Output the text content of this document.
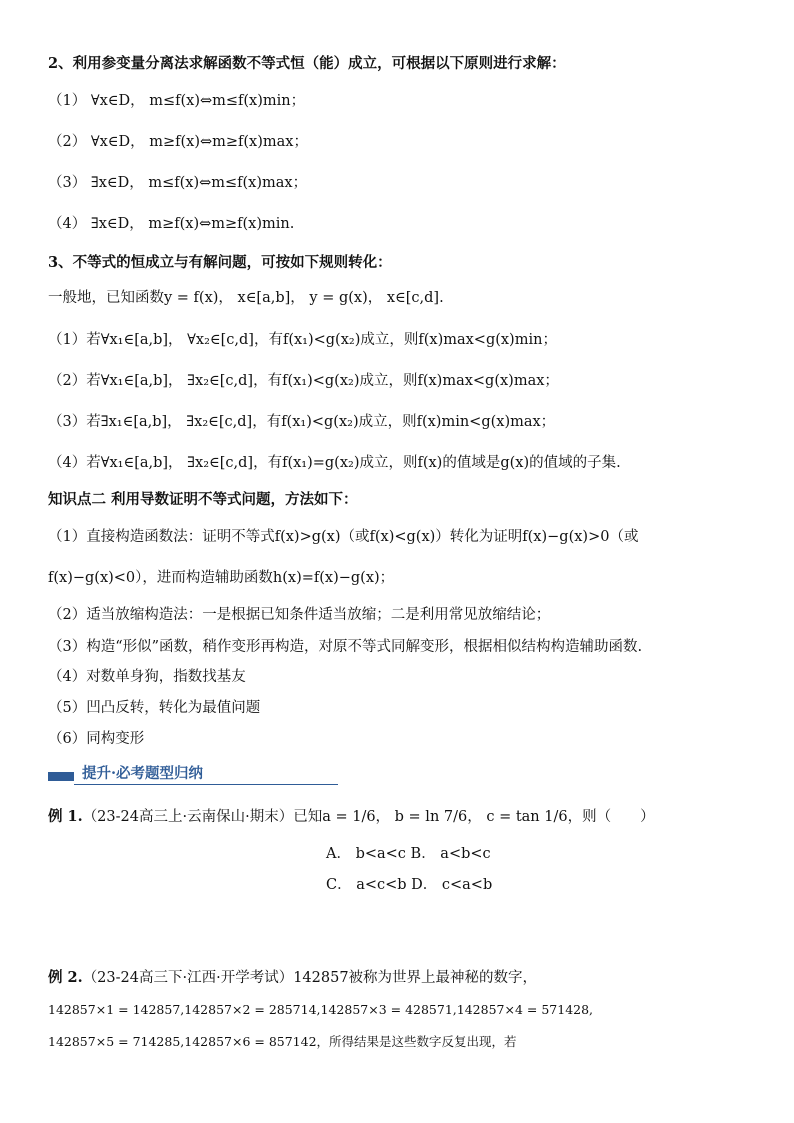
2、利用参变量分离法求解函数不等式恒（能）成立，可根据以下原则进行求解：
（1） ∀x∈D， m≤f(x)⇔m≤f(x)min；
（2） ∀x∈D， m≥f(x)⇔m≥f(x)max；
（3） ∃x∈D， m≤f(x)⇔m≤f(x)max；
（4） ∃x∈D， m≥f(x)⇔m≥f(x)min.
3、不等式的恒成立与有解问题，可按如下规则转化：
一般地，已知函数y = f(x)， x∈[a,b]， y = g(x)， x∈[c,d].
（1）若∀x₁∈[a,b]， ∀x₂∈[c,d]，有f(x₁)<g(x₂)成立，则f(x)max<g(x)min；
（2）若∀x₁∈[a,b]， ∃x₂∈[c,d]，有f(x₁)<g(x₂)成立，则f(x)max<g(x)max；
（3）若∃x₁∈[a,b]， ∃x₂∈[c,d]，有f(x₁)<g(x₂)成立，则f(x)min<g(x)max；
（4）若∀x₁∈[a,b]， ∃x₂∈[c,d]，有f(x₁)=g(x₂)成立，则f(x)的值域是g(x)的值域的子集.
知识点二 利用导数证明不等式问题，方法如下：
（1）直接构造函数法：证明不等式f(x)>g(x)（或f(x)<g(x)）转化为证明f(x)−g(x)>0（或
f(x)−g(x)<0），进而构造辅助函数h(x)=f(x)−g(x)；
（2）适当放缩构造法：一是根据已知条件适当放缩；二是利用常见放缩结论；
（3）构造“形似”函数，稍作变形再构造，对原不等式同解变形，根据相似结构构造辅助函数.
（4）对数单身狗，指数找基友
（5）凹凸反转，转化为最值问题
（6）同构变形
提升·必考题型归纳
例 1.（23-24高三上·云南保山·期末）已知a = 1/6， b = ln 7/6， c = tan 1/6，则（　　）
A． b<a<c B． a<b<c
C． a<c<b D． c<a<b
例 2.（23-24高三下·江西·开学考试）142857被称为世界上最神秘的数字，
142857×1 = 142857,142857×2 = 285714,142857×3 = 428571,142857×4 = 571428,
142857×5 = 714285,142857×6 = 857142，所得结果是这些数字反复出现，若
